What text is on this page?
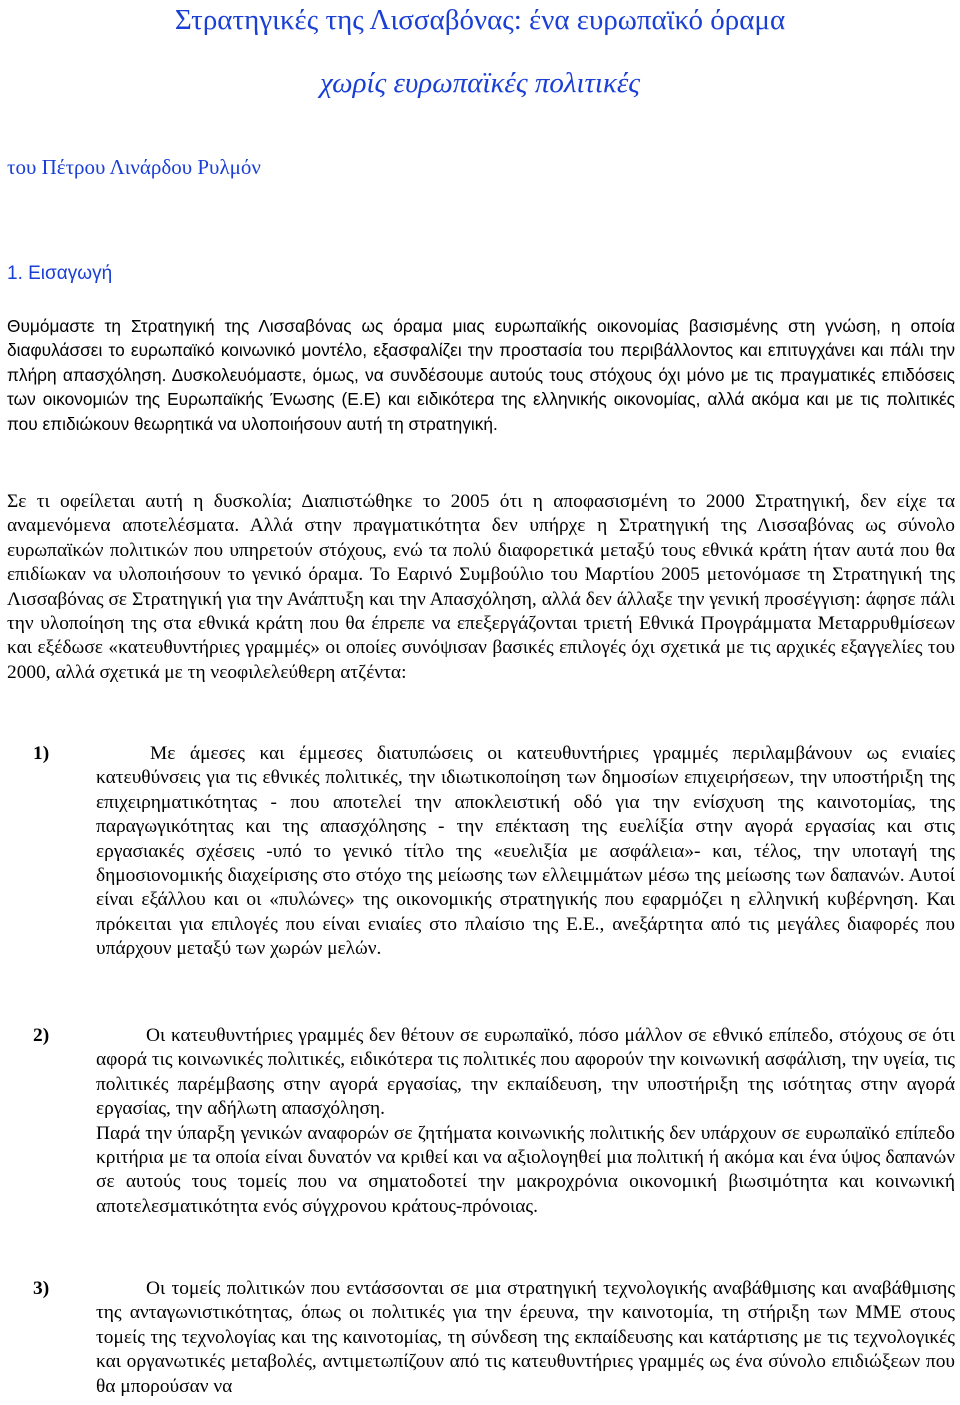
Στρατηγικές της Λισσαβόνας: ένα ευρωπαϊκό όραμα
χωρίς ευρωπαϊκές πολιτικές
του Πέτρου Λινάρδου Ρυλμόν
1. Εισαγωγή

Θυμόμαστε τη Στρατηγική της Λισσαβόνας ως όραμα μιας ευρωπαϊκής οικονομίας βασισμένης στη γνώση, η οποία διαφυλάσσει το ευρωπαϊκό κοινωνικό μοντέλο, εξασφαλίζει την προστασία του περιβάλλοντος και επιτυγχάνει και πάλι την πλήρη απασχόληση. Δυσκολευόμαστε, όμως, να συνδέσουμε αυτούς τους στόχους όχι μόνο με τις πραγματικές επιδόσεις των οικονομιών της Ευρωπαϊκής Ένωσης (Ε.Ε) και ειδικότερα της ελληνικής οικονομίας, αλλά ακόμα και με τις πολιτικές που επιδιώκουν θεωρητικά να υλοποιήσουν αυτή τη στρατηγική.

Σε τι οφείλεται αυτή η δυσκολία; Διαπιστώθηκε το 2005 ότι η αποφασισμένη το 2000 Στρατηγική, δεν είχε τα αναμενόμενα αποτελέσματα. Αλλά στην πραγματικότητα δεν υπήρχε η Στρατηγική της Λισσαβόνας ως σύνολο ευρωπαϊκών πολιτικών που υπηρετούν στόχους, ενώ τα πολύ διαφορετικά μεταξύ τους εθνικά κράτη ήταν αυτά που θα επιδίωκαν να υλοποιήσουν το γενικό όραμα. Το Εαρινό Συμβούλιο του Μαρτίου 2005 μετονόμασε τη Στρατηγική της Λισσαβόνας σε Στρατηγική για την Ανάπτυξη και την Απασχόληση, αλλά δεν άλλαξε την γενική προσέγγιση: άφησε πάλι την υλοποίηση της στα εθνικά κράτη που θα έπρεπε να επεξεργάζονται τριετή Εθνικά Προγράμματα Μεταρρυθμίσεων και εξέδωσε «κατευθυντήριες γραμμές» οι οποίες συνόψισαν βασικές επιλογές όχι σχετικά με τις αρχικές εξαγγελίες του 2000, αλλά σχετικά με τη νεοφιλελεύθερη ατζέντα:

1)	Με άμεσες και έμμεσες διατυπώσεις οι κατευθυντήριες γραμμές περιλαμβάνουν ως ενιαίες κατευθύνσεις για τις εθνικές πολιτικές, την ιδιωτικοποίηση των δημοσίων επιχειρήσεων, την υποστήριξη της επιχειρηματικότητας - που αποτελεί την αποκλειστική οδό για την ενίσχυση της καινοτομίας, της παραγωγικότητας και της απασχόλησης - την επέκταση της ευελίξία στην αγορά εργασίας και στις εργασιακές σχέσεις -υπό το γενικό τίτλο της «ευελιξία με ασφάλεια»- και, τέλος, την υποταγή της δημοσιονομικής διαχείρισης στο στόχο της μείωσης των ελλειμμάτων μέσω της μείωσης των δαπανών. Αυτοί είναι εξάλλου και οι «πυλώνες» της οικονομικής στρατηγικής που εφαρμόζει η ελληνική κυβέρνηση. Και πρόκειται για επιλογές που είναι ενιαίες στο πλαίσιο της Ε.Ε., ανεξάρτητα από τις μεγάλες διαφορές που υπάρχουν μεταξύ των χωρών μελών.

2)	Οι κατευθυντήριες γραμμές δεν θέτουν σε ευρωπαϊκό, πόσο μάλλον σε εθνικό επίπεδο, στόχους σε ότι αφορά τις κοινωνικές πολιτικές, ειδικότερα τις πολιτικές που αφορούν την κοινωνική ασφάλιση, την υγεία, τις πολιτικές παρέμβασης στην αγορά εργασίας, την εκπαίδευση, την υποστήριξη της ισότητας στην αγορά εργασίας, την αδήλωτη απασχόληση.

Παρά την ύπαρξη γενικών αναφορών σε ζητήματα κοινωνικής πολιτικής δεν υπάρχουν σε ευρωπαϊκό επίπεδο κριτήρια με τα οποία είναι δυνατόν να κριθεί και να αξιολογηθεί μια πολιτική ή ακόμα και ένα ύψος δαπανών σε αυτούς τους τομείς που να σηματοδοτεί την μακροχρόνια οικονομική βιωσιμότητα και κοινωνική αποτελεσματικότητα ενός σύγχρονου κράτους-πρόνοιας.

3)	Οι τομείς πολιτικών που εντάσσονται σε μια στρατηγική τεχνολογικής αναβάθμισης και αναβάθμισης της ανταγωνιστικότητας, όπως οι πολιτικές για την έρευνα, την καινοτομία, τη στήριξη των ΜΜΕ στους τομείς της τεχνολογίας και της καινοτομίας, τη σύνδεση της εκπαίδευσης και κατάρτισης με τις τεχνολογικές και οργανωτικές μεταβολές, αντιμετωπίζουν από τις κατευθυντήριες γραμμές ως ένα σύνολο επιδιώξεων που θα μπορούσαν να
